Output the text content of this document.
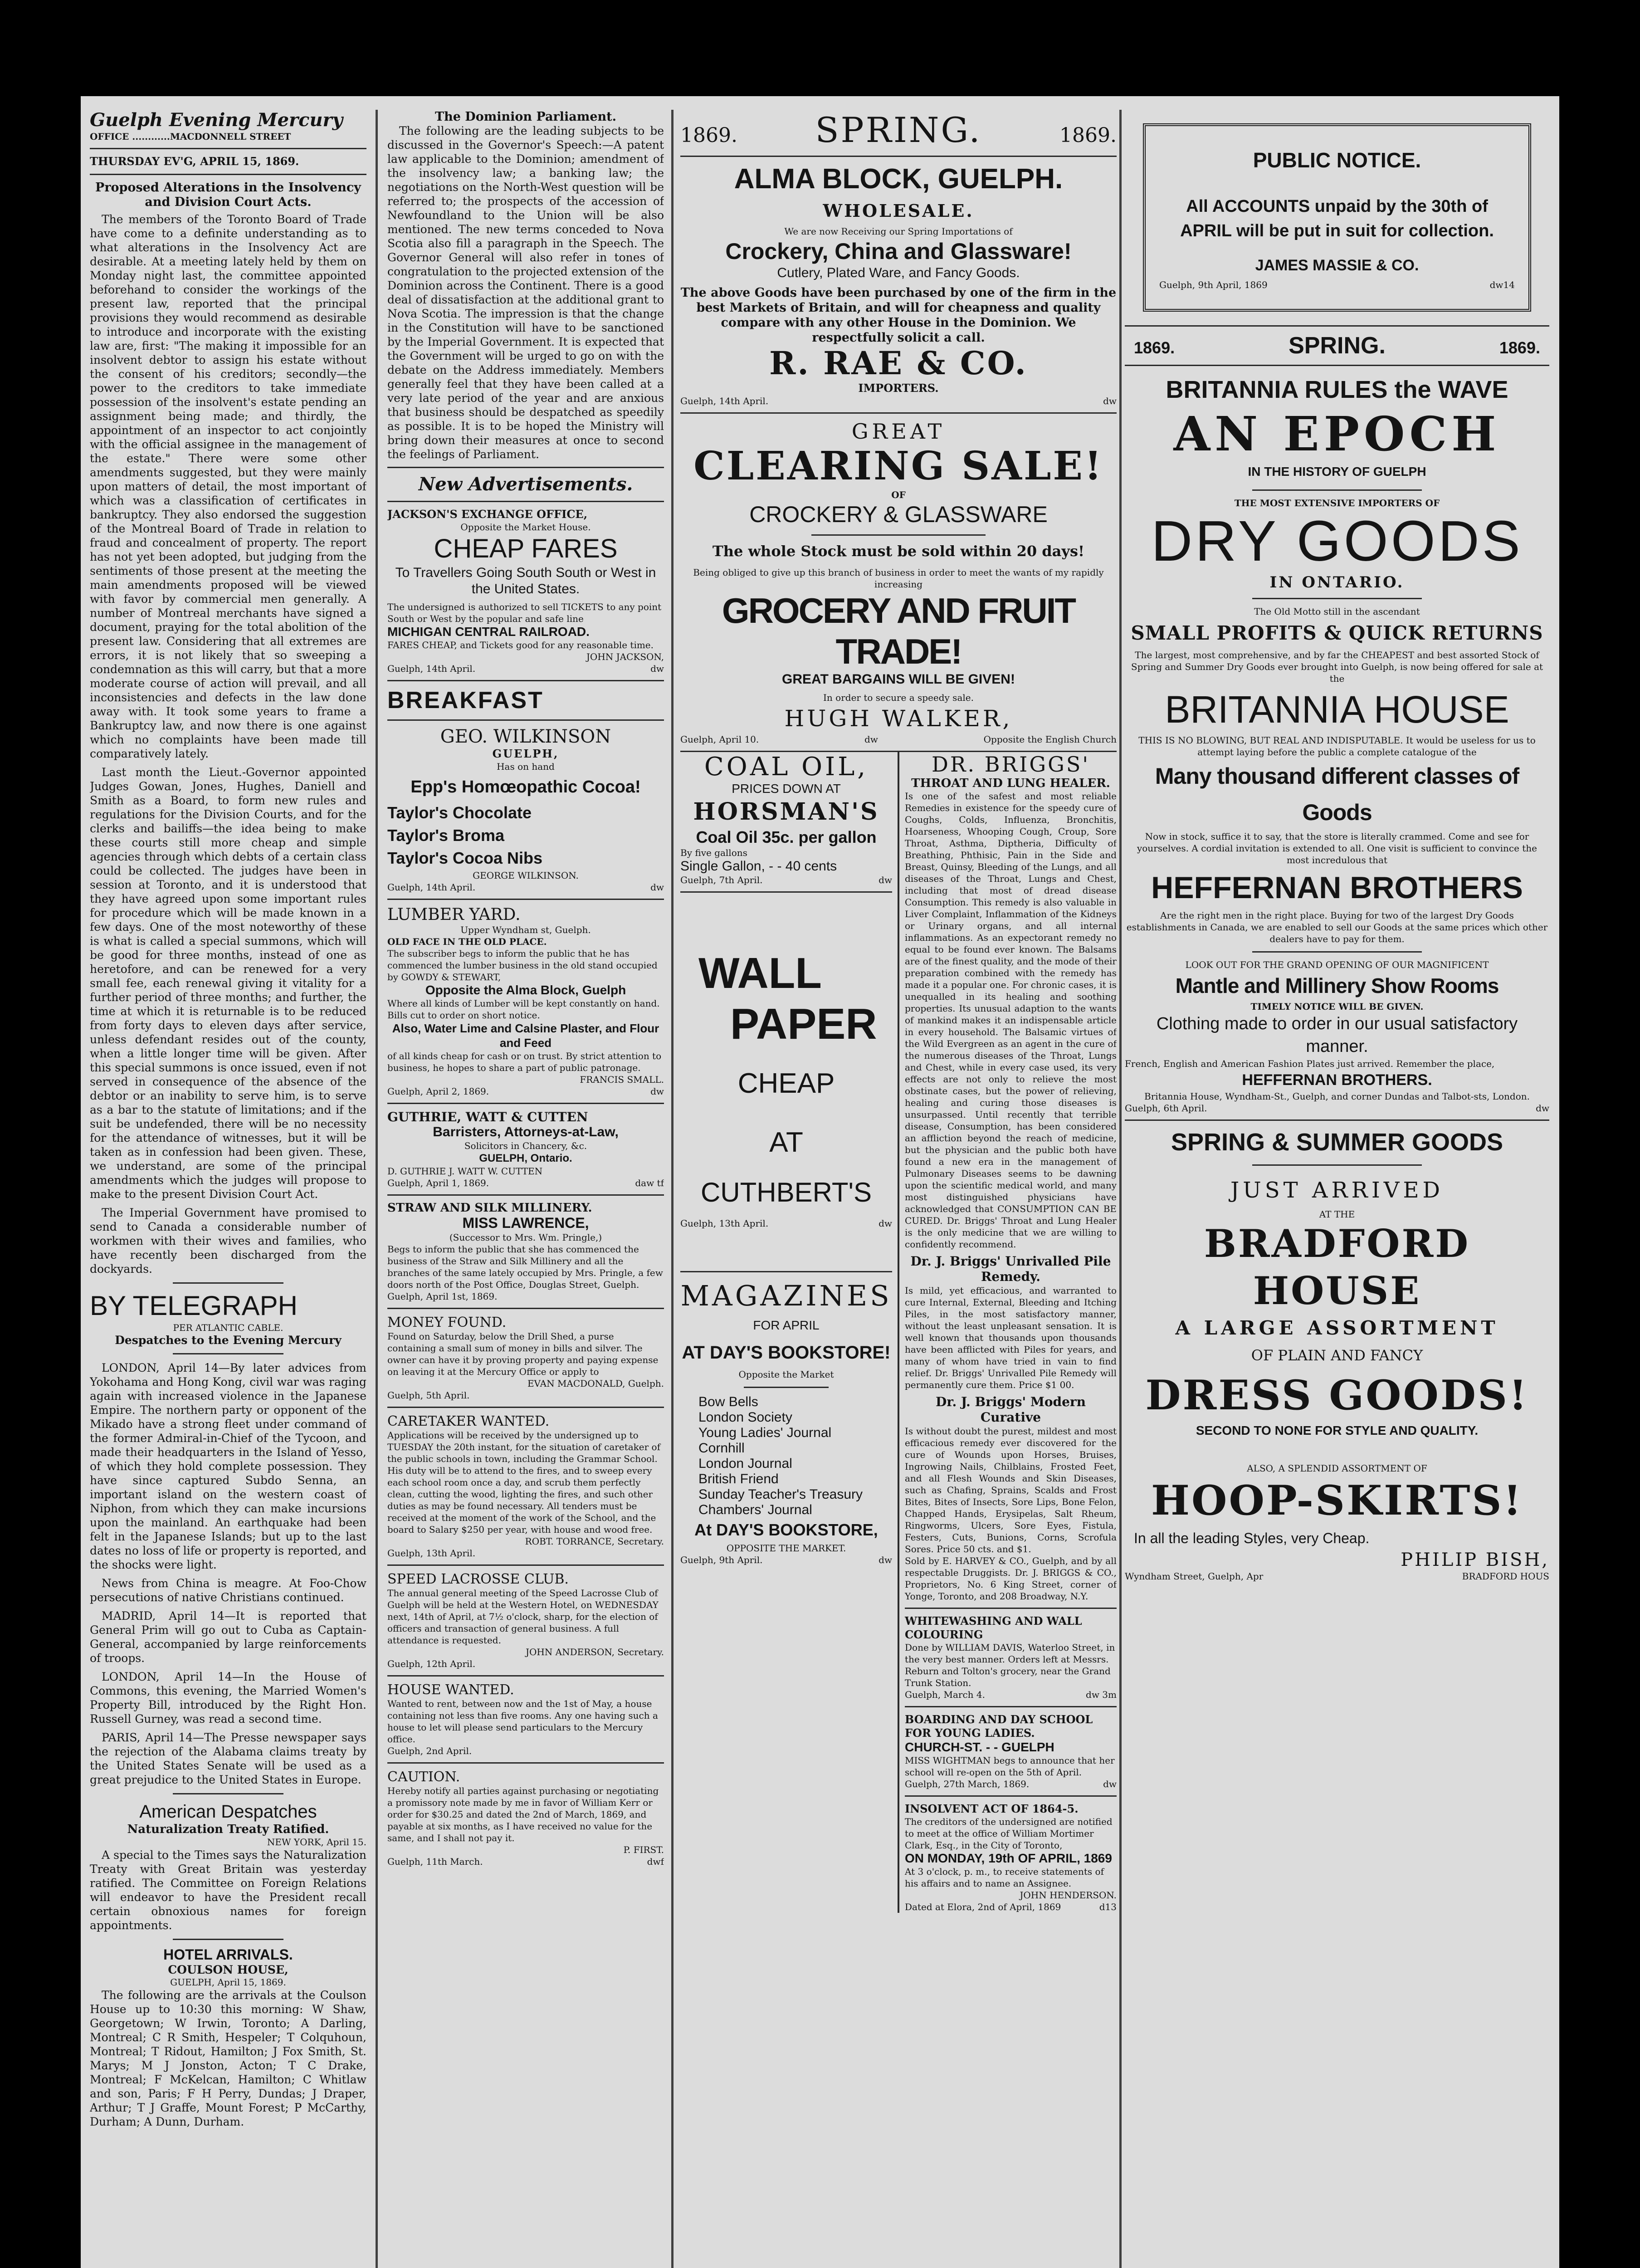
Guelph Evening Mercury
OFFICE ............MACDONNELL STREET
THURSDAY EV'G, APRIL 15, 1869.
Proposed Alterations in the Insolvency and Division Court Acts.

The members of the Toronto Board of Trade have come to a definite understanding as to what alterations in the Insolvency Act are desirable. At a meeting lately held by them on Monday night last, the committee appointed beforehand to consider the workings of the present law, reported that the principal provisions they would recommend as desirable to introduce and incorporate with the existing law are, first: "The making it impossible for an insolvent debtor to assign his estate without the consent of his creditors; secondly—the power to the creditors to take immediate possession of the insolvent's estate pending an assignment being made; and thirdly, the appointment of an inspector to act conjointly with the official assignee in the management of the estate." There were some other amendments suggested, but they were mainly upon matters of detail, the most important of which was a classification of certificates in bankruptcy. They also endorsed the suggestion of the Montreal Board of Trade in relation to fraud and concealment of property. The report has not yet been adopted, but judging from the sentiments of those present at the meeting the main amendments proposed will be viewed with favor by commercial men generally. A number of Montreal merchants have signed a document, praying for the total abolition of the present law. Considering that all extremes are errors, it is not likely that so sweeping a condemnation as this will carry, but that a more moderate course of action will prevail, and all inconsistencies and defects in the law done away with. It took some years to frame a Bankruptcy law, and now there is one against which no complaints have been made till comparatively lately.

Last month the Lieut.-Governor appointed Judges Gowan, Jones, Hughes, Daniell and Smith as a Board, to form new rules and regulations for the Division Courts, and for the clerks and bailiffs—the idea being to make these courts still more cheap and simple agencies through which debts of a certain class could be collected. The judges have been in session at Toronto, and it is understood that they have agreed upon some important rules for procedure which will be made known in a few days. One of the most noteworthy of these is what is called a special summons, which will be good for three months, instead of one as heretofore, and can be renewed for a very small fee, each renewal giving it vitality for a further period of three months; and further, the time at which it is returnable is to be reduced from forty days to eleven days after service, unless defendant resides out of the county, when a little longer time will be given. After this special summons is once issued, even if not served in consequence of the absence of the debtor or an inability to serve him, is to serve as a bar to the statute of limitations; and if the suit be undefended, there will be no necessity for the attendance of witnesses, but it will be taken as in confession had been given. These, we understand, are some of the principal amendments which the judges will propose to make to the present Division Court Act.

The Imperial Government have promised to send to Canada a considerable number of workmen with their wives and families, who have recently been discharged from the dockyards.

BY TELEGRAPH
PER ATLANTIC CABLE.
Despatches to the Evening Mercury

LONDON, April 14—By later advices from Yokohama and Hong Kong, civil war was raging again with increased violence in the Japanese Empire. The northern party or opponent of the Mikado have a strong fleet under command of the former Admiral-in-Chief of the Tycoon, and made their headquarters in the Island of Yesso, of which they hold complete possession. They have since captured Subdo Senna, an important island on the western coast of Niphon, from which they can make incursions upon the mainland. An earthquake had been felt in the Japanese Islands; but up to the last dates no loss of life or property is reported, and the shocks were light.

News from China is meagre. At Foo-Chow persecutions of native Christians continued.

MADRID, April 14—It is reported that General Prim will go out to Cuba as Captain-General, accompanied by large reinforcements of troops.

LONDON, April 14—In the House of Commons, this evening, the Married Women's Property Bill, introduced by the Right Hon. Russell Gurney, was read a second time.

PARIS, April 14—The Presse newspaper says the rejection of the Alabama claims treaty by the United States Senate will be used as a great prejudice to the United States in Europe.

American Despatches
Naturalization Treaty Ratified.
NEW YORK, April 15.

A special to the Times says the Naturalization Treaty with Great Britain was yesterday ratified. The Committee on Foreign Relations will endeavor to have the President recall certain obnoxious names for foreign appointments.

HOTEL ARRIVALS.
COULSON HOUSE,
GUELPH, April 15, 1869.

The following are the arrivals at the Coulson House up to 10:30 this morning: W Shaw, Georgetown; W Irwin, Toronto; A Darling, Montreal; C R Smith, Hespeler; T Colquhoun, Montreal; T Ridout, Hamilton; J Fox Smith, St. Marys; M J Jonston, Acton; T C Drake, Montreal; F McKelcan, Hamilton; C Whitlaw and son, Paris; F H Perry, Dundas; J Draper, Arthur; T J Graffe, Mount Forest; P McCarthy, Durham; A Dunn, Durham.

The Dominion Parliament.

The following are the leading subjects to be discussed in the Governor's Speech:—A patent law applicable to the Dominion; amendment of the insolvency law; a banking law; the negotiations on the North-West question will be referred to; the prospects of the accession of Newfoundland to the Union will be also mentioned. The new terms conceded to Nova Scotia also fill a paragraph in the Speech. The Governor General will also refer in tones of congratulation to the projected extension of the Dominion across the Continent. There is a good deal of dissatisfaction at the additional grant to Nova Scotia. The impression is that the change in the Constitution will have to be sanctioned by the Imperial Government. It is expected that the Government will be urged to go on with the debate on the Address immediately. Members generally feel that they have been called at a very late period of the year and are anxious that business should be despatched as speedily as possible. It is to be hoped the Ministry will bring down their measures at once to second the feelings of Parliament.

New Advertisements.
JACKSON'S EXCHANGE OFFICE,
Opposite the Market House.
CHEAP FARES
To Travellers Going South South or West in the United States.
The undersigned is authorized to sell TICKETS to any point South or West by the popular and safe line
MICHIGAN CENTRAL RAILROAD.
FARES CHEAP, and Tickets good for any reasonable time.
JOHN JACKSON,
Guelph, 14th April.	dw
BREAKFAST
GEO. WILKINSON
GUELPH,
Has on hand
Epp's Homœopathic Cocoa!
Taylor's Chocolate
Taylor's Broma
Taylor's Cocoa Nibs
GEORGE WILKINSON.
Guelph, 14th April.	dw
LUMBER YARD.
Upper Wyndham st, Guelph.
OLD FACE IN THE OLD PLACE.
The subscriber begs to inform the public that he has commenced the lumber business in the old stand occupied by GOWDY & STEWART,
Opposite the Alma Block, Guelph
Where all kinds of Lumber will be kept constantly on hand. Bills cut to order on short notice.
Also, Water Lime and Calsine Plaster, and Flour and Feed
of all kinds cheap for cash or on trust. By strict attention to business, he hopes to share a part of public patronage.
FRANCIS SMALL.
Guelph, April 2, 1869.	dw
GUTHRIE, WATT & CUTTEN
Barristers, Attorneys-at-Law,
Solicitors in Chancery, &c.
GUELPH, Ontario.
D. GUTHRIE J. WATT W. CUTTEN
Guelph, April 1, 1869.	daw tf
STRAW AND SILK MILLINERY.
MISS LAWRENCE,
(Successor to Mrs. Wm. Pringle,)
Begs to inform the public that she has commenced the business of the Straw and Silk Millinery and all the branches of the same lately occupied by Mrs. Pringle, a few doors north of the Post Office, Douglas Street, Guelph.
Guelph, April 1st, 1869.
MONEY FOUND.
Found on Saturday, below the Drill Shed, a purse containing a small sum of money in bills and silver. The owner can have it by proving property and paying expense on leaving it at the Mercury Office or apply to
EVAN MACDONALD, Guelph.
Guelph, 5th April.
CARETAKER WANTED.
Applications will be received by the undersigned up to TUESDAY the 20th instant, for the situation of caretaker of the public schools in town, including the Grammar School. His duty will be to attend to the fires, and to sweep every each school room once a day, and scrub them perfectly clean, cutting the wood, lighting the fires, and such other duties as may be found necessary. All tenders must be received at the moment of the work of the School, and the board to Salary $250 per year, with house and wood free.
ROBT. TORRANCE, Secretary.
Guelph, 13th April.
SPEED LACROSSE CLUB.
The annual general meeting of the Speed Lacrosse Club of Guelph will be held at the Western Hotel, on WEDNESDAY next, 14th of April, at 7½ o'clock, sharp, for the election of officers and transaction of general business. A full attendance is requested.
JOHN ANDERSON, Secretary.
Guelph, 12th April.
HOUSE WANTED.
Wanted to rent, between now and the 1st of May, a house containing not less than five rooms. Any one having such a house to let will please send particulars to the Mercury office.
Guelph, 2nd April.
CAUTION.
Hereby notify all parties against purchasing or negotiating a promissory note made by me in favor of William Kerr or order for $30.25 and dated the 2nd of March, 1869, and payable at six months, as I have received no value for the same, and I shall not pay it.
P. FIRST.
Guelph, 11th March.	dwf
1869. SPRING.	1869.
ALMA BLOCK, GUELPH.
WHOLESALE.
We are now Receiving our Spring Importations of
Crockery, China and Glassware!
Cutlery, Plated Ware, and Fancy Goods.
The above Goods have been purchased by one of the firm in the best Markets of Britain, and will for cheapness and quality compare with any other House in the Dominion. We respectfully solicit a call.
R. RAE & CO.
IMPORTERS.
Guelph, 14th April.	dw
GREAT
CLEARING SALE!
OF
CROCKERY & GLASSWARE
The whole Stock must be sold within 20 days!
Being obliged to give up this branch of business in order to meet the wants of my rapidly increasing
GROCERY AND FRUIT TRADE!
GREAT BARGAINS WILL BE GIVEN!
In order to secure a speedy sale.
HUGH WALKER,
Guelph, April 10.	dw	Opposite the English Church
COAL OIL,
PRICES DOWN AT
HORSMAN'S
Coal Oil 35c. per gallon
By five gallons
Single Gallon, - - 40 cents
Guelph, 7th April.	dw
WALL
PAPER
CHEAP
AT
CUTHBERT'S
Guelph, 13th April.	dw
MAGAZINES
FOR APRIL
AT DAY'S BOOKSTORE!
Opposite the Market
Bow Bells
London Society
Young Ladies' Journal
Cornhill
London Journal
British Friend
Sunday Teacher's Treasury
Chambers' Journal
At DAY'S BOOKSTORE,
OPPOSITE THE MARKET.
Guelph, 9th April.	dw
DR. BRIGGS'
THROAT AND LUNG HEALER.
Is one of the safest and most reliable Remedies in existence for the speedy cure of Coughs, Colds, Influenza, Bronchitis, Hoarseness, Whooping Cough, Croup, Sore Throat, Asthma, Diptheria, Difficulty of Breathing, Phthisic, Pain in the Side and Breast, Quinsy, Bleeding of the Lungs, and all diseases of the Throat, Lungs and Chest, including that most of dread disease Consumption. This remedy is also valuable in Liver Complaint, Inflammation of the Kidneys or Urinary organs, and all internal inflammations. As an expectorant remedy no equal to be found ever known. The Balsams are of the finest quality, and the mode of their preparation combined with the remedy has made it a popular one. For chronic cases, it is unequalled in its healing and soothing properties. Its unusual adaption to the wants of mankind makes it an indispensable article in every household. The Balsamic virtues of the Wild Evergreen as an agent in the cure of the numerous diseases of the Throat, Lungs and Chest, while in every case used, its very effects are not only to relieve the most obstinate cases, but the power of relieving, healing and curing those diseases is unsurpassed. Until recently that terrible disease, Consumption, has been considered an affliction beyond the reach of medicine, but the physician and the public both have found a new era in the management of Pulmonary Diseases seems to be dawning upon the scientific medical world, and many most distinguished physicians have acknowledged that CONSUMPTION CAN BE CURED. Dr. Briggs' Throat and Lung Healer is the only medicine that we are willing to confidently recommend.
Dr. J. Briggs' Unrivalled Pile Remedy.
Is mild, yet efficacious, and warranted to cure Internal, External, Bleeding and Itching Piles, in the most satisfactory manner, without the least unpleasant sensation. It is well known that thousands upon thousands have been afflicted with Piles for years, and many of whom have tried in vain to find relief. Dr. Briggs' Unrivalled Pile Remedy will permanently cure them. Price $1 00.
Dr. J. Briggs' Modern Curative
Is without doubt the purest, mildest and most efficacious remedy ever discovered for the cure of Wounds upon Horses, Bruises, Ingrowing Nails, Chilblains, Frosted Feet, and all Flesh Wounds and Skin Diseases, such as Chafing, Sprains, Scalds and Frost Bites, Bites of Insects, Sore Lips, Bone Felon, Chapped Hands, Erysipelas, Salt Rheum, Ringworms, Ulcers, Sore Eyes, Fistula, Festers, Cuts, Bunions, Corns, Scrofula Sores. Price 50 cts. and $1.
Sold by E. HARVEY & CO., Guelph, and by all respectable Druggists. Dr. J. BRIGGS & CO., Proprietors, No. 6 King Street, corner of Yonge, Toronto, and 208 Broadway, N.Y.
WHITEWASHING AND WALL COLOURING
Done by WILLIAM DAVIS, Waterloo Street, in the very best manner. Orders left at Messrs. Reburn and Tolton's grocery, near the Grand Trunk Station.
Guelph, March 4.	dw 3m
BOARDING AND DAY SCHOOL FOR YOUNG LADIES.
CHURCH-ST. - - GUELPH
MISS WIGHTMAN begs to announce that her school will re-open on the 5th of April.
Guelph, 27th March, 1869.	dw
INSOLVENT ACT OF 1864-5.
The creditors of the undersigned are notified to meet at the office of William Mortimer Clark, Esq., in the City of Toronto,
ON MONDAY, 19th OF APRIL, 1869
At 3 o'clock, p. m., to receive statements of his affairs and to name an Assignee.
JOHN HENDERSON.
Dated at Elora, 2nd of April, 1869	d13
PUBLIC NOTICE.
All ACCOUNTS unpaid by the 30th of APRIL will be put in suit for collection.
JAMES MASSIE & CO.
Guelph, 9th April, 1869	dw14
1869.	SPRING.	1869.
BRITANNIA RULES the WAVE
AN EPOCH
IN THE HISTORY OF GUELPH
THE MOST EXTENSIVE IMPORTERS OF
DRY GOODS
IN ONTARIO.
The Old Motto still in the ascendant
SMALL PROFITS & QUICK RETURNS
The largest, most comprehensive, and by far the CHEAPEST and best assorted Stock of Spring and Summer Dry Goods ever brought into Guelph, is now being offered for sale at the
BRITANNIA HOUSE
THIS IS NO BLOWING, BUT REAL AND INDISPUTABLE. It would be useless for us to attempt laying before the public a complete catalogue of the
Many thousand different classes of Goods
Now in stock, suffice it to say, that the store is literally crammed. Come and see for yourselves. A cordial invitation is extended to all. One visit is sufficient to convince the most incredulous that
HEFFERNAN BROTHERS
Are the right men in the right place. Buying for two of the largest Dry Goods establishments in Canada, we are enabled to sell our Goods at the same prices which other dealers have to pay for them.
LOOK OUT FOR THE GRAND OPENING OF OUR MAGNIFICENT
Mantle and Millinery Show Rooms
TIMELY NOTICE WILL BE GIVEN.
Clothing made to order in our usual satisfactory manner.
French, English and American Fashion Plates just arrived. Remember the place,
HEFFERNAN BROTHERS.
Britannia House, Wyndham-St., Guelph, and corner Dundas and Talbot-sts, London.
Guelph, 6th April.	dw
SPRING & SUMMER GOODS
JUST ARRIVED
AT THE
BRADFORD HOUSE
A LARGE ASSORTMENT
OF PLAIN AND FANCY
DRESS GOODS!
SECOND TO NONE FOR STYLE AND QUALITY.
ALSO, A SPLENDID ASSORTMENT OF
HOOP-SKIRTS!
In all the leading Styles, very Cheap.
PHILIP BISH,
Wyndham Street, Guelph, Apr	BRADFORD HOUS
